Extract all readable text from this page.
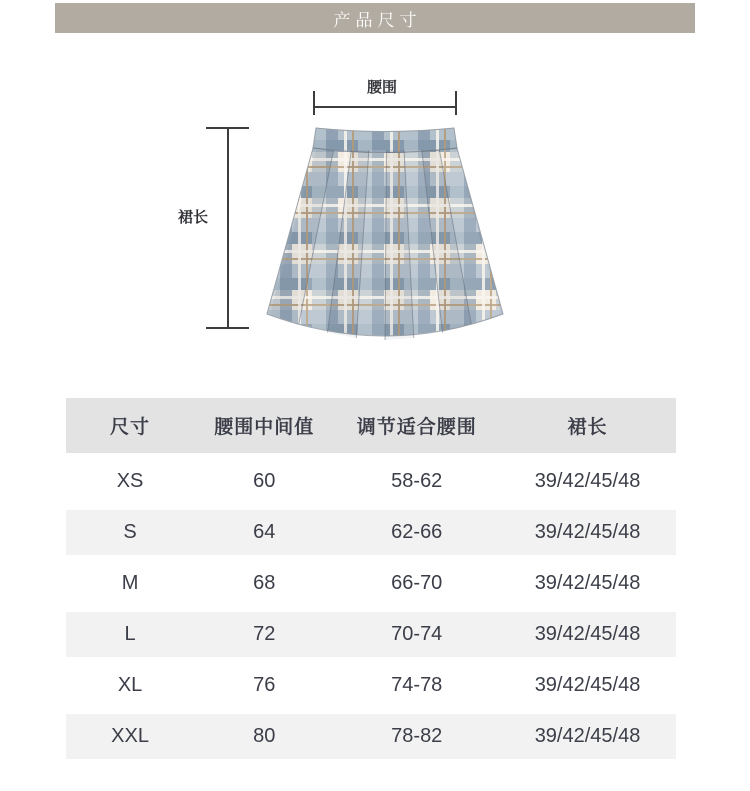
产品尺寸
腰围
裙长
尺寸	腰围中间值	调节适合腰围	裙长
XS	60	58-62	39/42/45/48
S	64	62-66	39/42/45/48
M	68	66-70	39/42/45/48
L	72	70-74	39/42/45/48
XL	76	74-78	39/42/45/48
XXL	80	78-82	39/42/45/48
